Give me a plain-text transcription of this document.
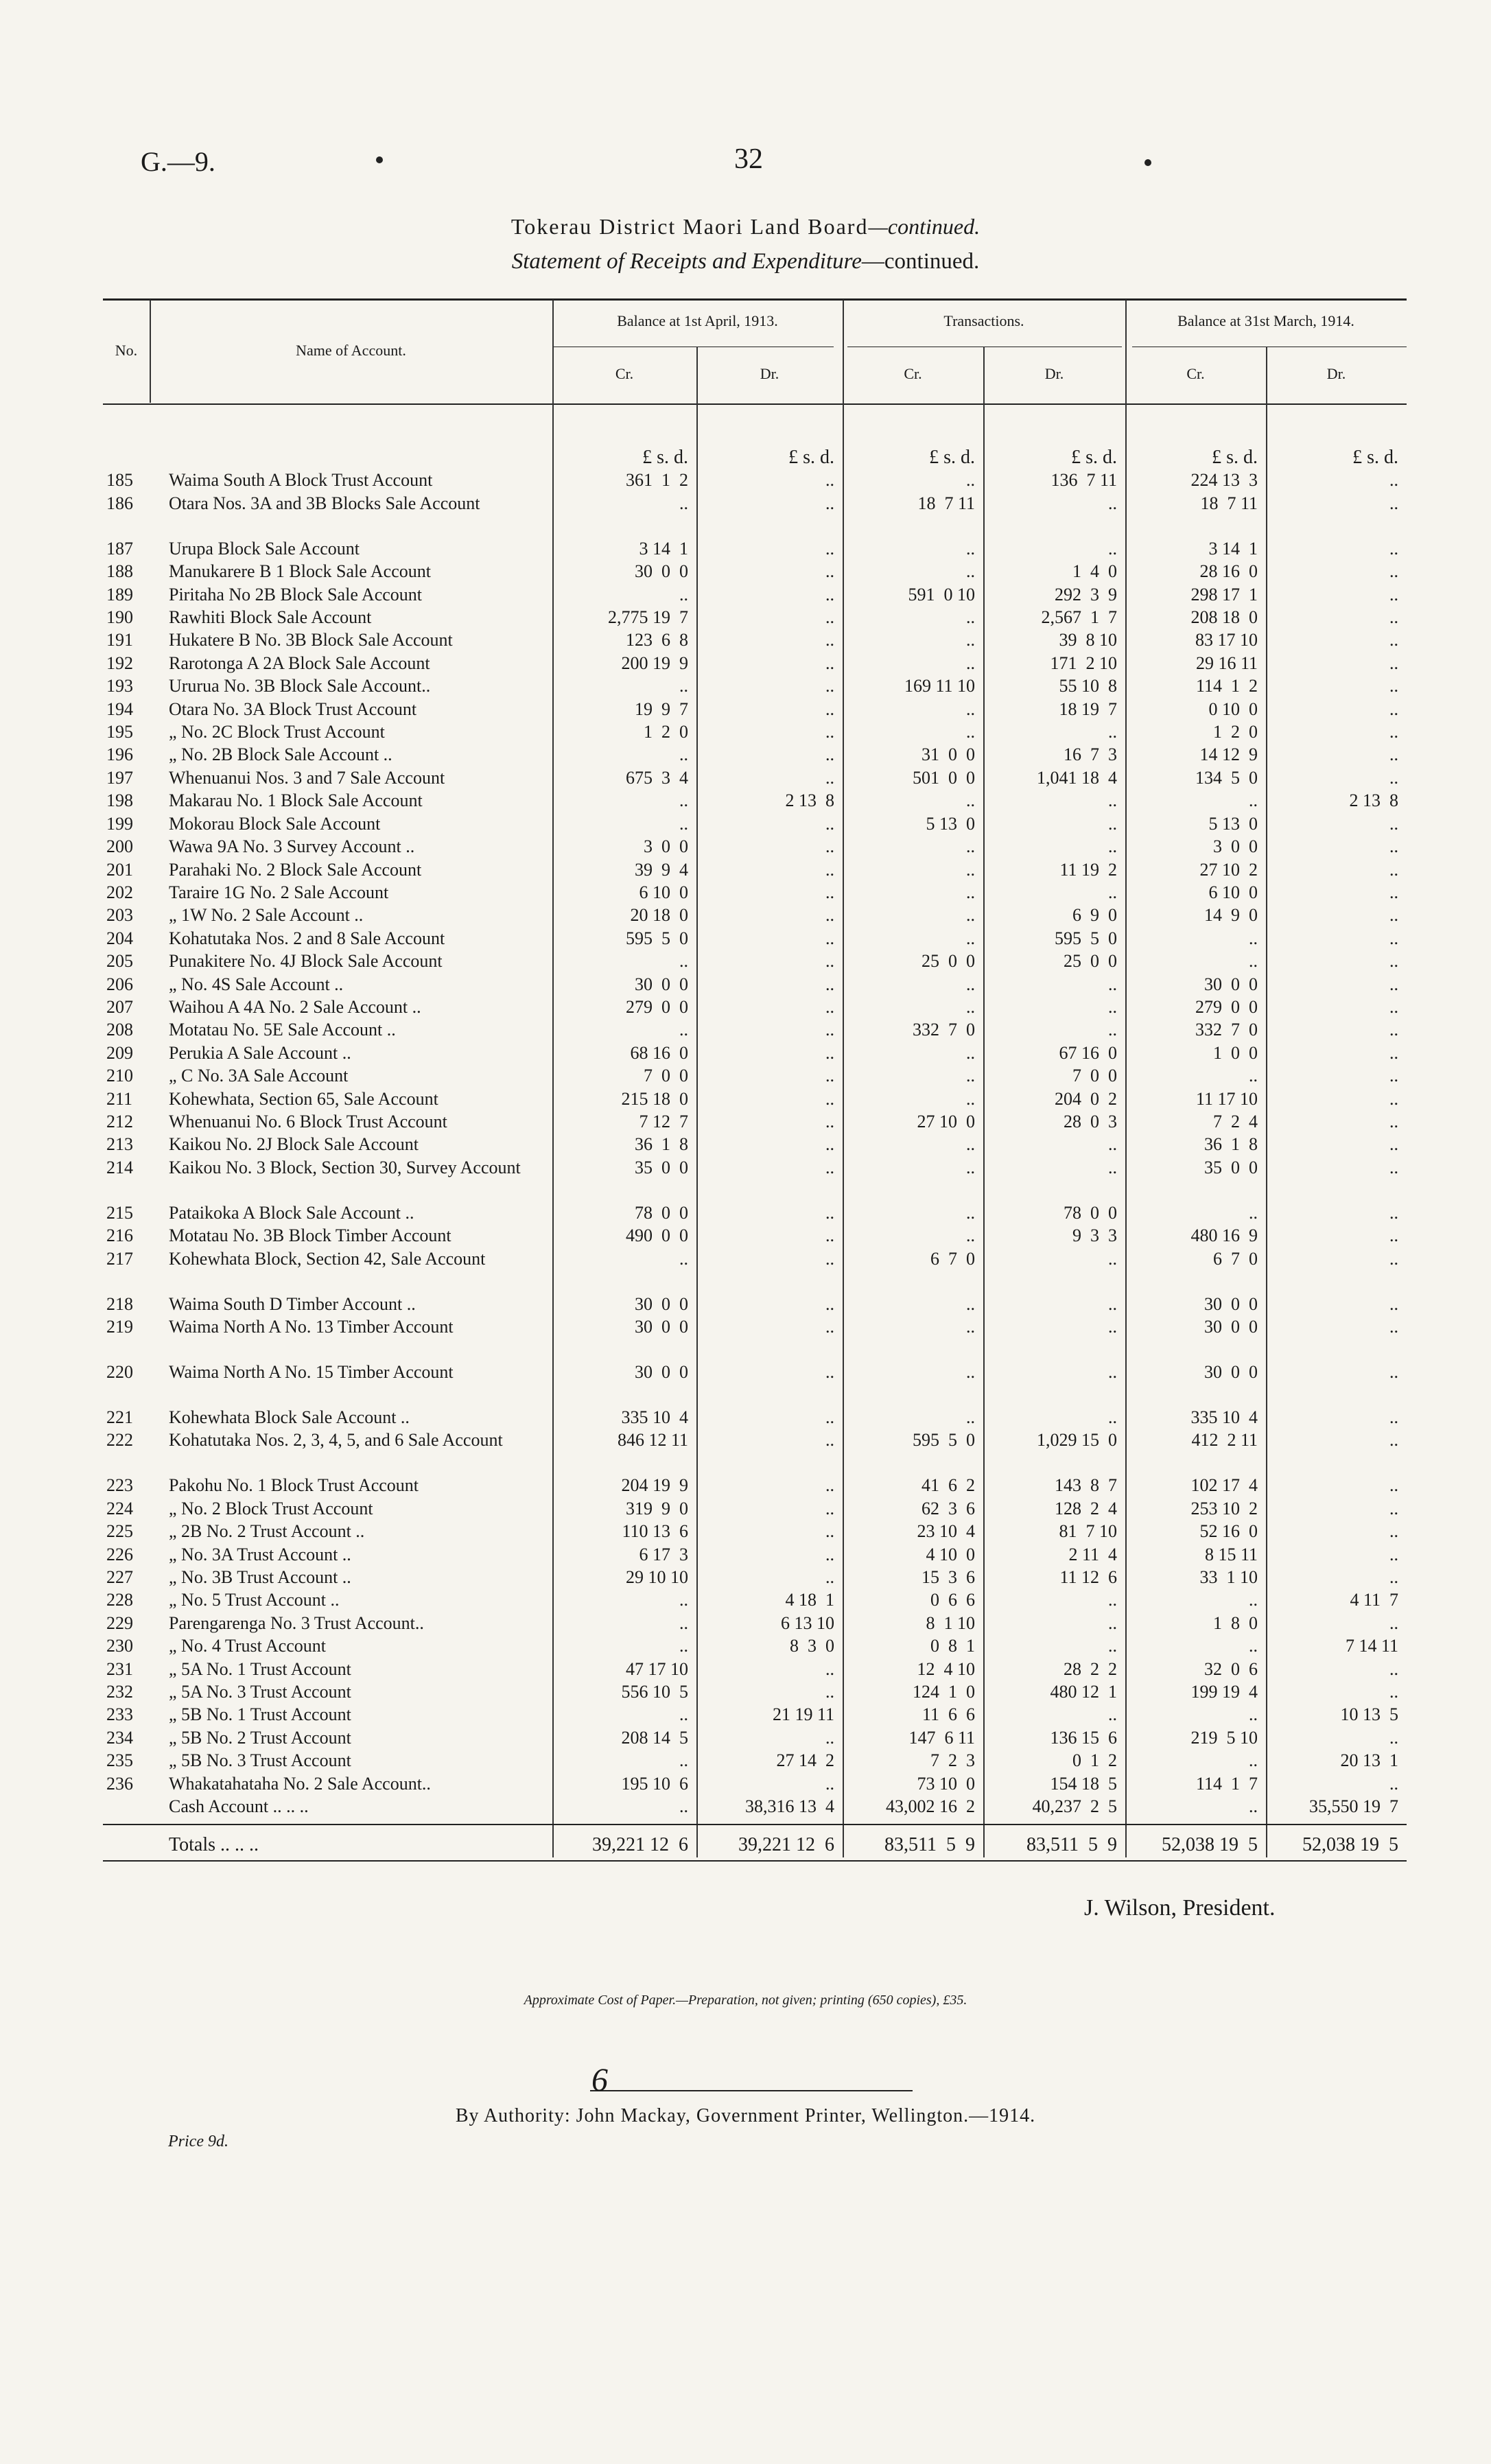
G.—9.	32
Tokerau District Maori Land Board—continued.
Statement of Receipts and Expenditure—continued.
No.	Name of Account.
Balance at 1st April, 1913.	Transactions.	Balance at 31st March, 1914.
Cr.	Dr.	Cr.	Dr.	Cr.	Dr.
		£ s. d.	£ s. d.	£ s. d.	£ s. d.	£ s. d.	£ s. d.
185	Waima South A Block Trust Account	361  1  2	..	..	136  7 11	224 13  3	..
186	Otara Nos. 3A and 3B Blocks Sale Account	..	..	18  7 11	..	18  7 11	..
187	Urupa Block Sale Account	3 14  1	..	..	..	3 14  1	..
188	Manukarere B 1 Block Sale Account	30  0  0	..	..	1  4  0	28 16  0	..
189	Piritaha No 2B Block Sale Account	..	..	591  0 10	292  3  9	298 17  1	..
190	Rawhiti Block Sale Account	2,775 19  7	..	..	2,567  1  7	208 18  0	..
191	Hukatere B No. 3B Block Sale Account	123  6  8	..	..	39  8 10	83 17 10	..
192	Rarotonga A 2A Block Sale Account	200 19  9	..	..	171  2 10	29 16 11	..
193	Ururua No. 3B Block Sale Account..	..	..	169 11 10	55 10  8	114  1  2	..
194	Otara No. 3A Block Trust Account	19  9  7	..	..	18 19  7	0 10  0	..
195	„ No. 2C Block Trust Account	1  2  0	..	..	..	1  2  0	..
196	„ No. 2B Block Sale Account ..	..	..	31  0  0	16  7  3	14 12  9	..
197	Whenuanui Nos. 3 and 7 Sale Account	675  3  4	..	501  0  0	1,041 18  4	134  5  0	..
198	Makarau No. 1 Block Sale Account	..	2 13  8	..	..	..	2 13  8
199	Mokorau Block Sale Account	..	..	5 13  0	..	5 13  0	..
200	Wawa 9A No. 3 Survey Account ..	3  0  0	..	..	..	3  0  0	..
201	Parahaki No. 2 Block Sale Account	39  9  4	..	..	11 19  2	27 10  2	..
202	Taraire 1G No. 2 Sale Account	6 10  0	..	..	..	6 10  0	..
203	„ 1W No. 2 Sale Account ..	20 18  0	..	..	6  9  0	14  9  0	..
204	Kohatutaka Nos. 2 and 8 Sale Account	595  5  0	..	..	595  5  0	..	..
205	Punakitere No. 4J Block Sale Account	..	..	25  0  0	25  0  0	..	..
206	„ No. 4S Sale Account ..	30  0  0	..	..	..	30  0  0	..
207	Waihou A 4A No. 2 Sale Account ..	279  0  0	..	..	..	279  0  0	..
208	Motatau No. 5E Sale Account ..	..	..	332  7  0	..	332  7  0	..
209	Perukia A Sale Account ..	68 16  0	..	..	67 16  0	1  0  0	..
210	„ C No. 3A Sale Account	7  0  0	..	..	7  0  0	..	..
211	Kohewhata, Section 65, Sale Account	215 18  0	..	..	204  0  2	11 17 10	..
212	Whenuanui No. 6 Block Trust Account	7 12  7	..	27 10  0	28  0  3	7  2  4	..
213	Kaikou No. 2J Block Sale Account	36  1  8	..	..	..	36  1  8	..
214	Kaikou No. 3 Block, Section 30, Survey Account	35  0  0	..	..	..	35  0  0	..
215	Pataikoka A Block Sale Account ..	78  0  0	..	..	78  0  0	..	..
216	Motatau No. 3B Block Timber Account	490  0  0	..	..	9  3  3	480 16  9	..
217	Kohewhata Block, Section 42, Sale Account	..	..	6  7  0	..	6  7  0	..
218	Waima South D Timber Account ..	30  0  0	..	..	..	30  0  0	..
219	Waima North A No. 13 Timber Account	30  0  0	..	..	..	30  0  0	..
220	Waima North A No. 15 Timber Account	30  0  0	..	..	..	30  0  0	..
221	Kohewhata Block Sale Account ..	335 10  4	..	..	..	335 10  4	..
222	Kohatutaka Nos. 2, 3, 4, 5, and 6 Sale Account	846 12 11	..	595  5  0	1,029 15  0	412  2 11	..
223	Pakohu No. 1 Block Trust Account	204 19  9	..	41  6  2	143  8  7	102 17  4	..
224	„ No. 2 Block Trust Account	319  9  0	..	62  3  6	128  2  4	253 10  2	..
225	„ 2B No. 2 Trust Account ..	110 13  6	..	23 10  4	81  7 10	52 16  0	..
226	„ No. 3A Trust Account ..	6 17  3	..	4 10  0	2 11  4	8 15 11	..
227	„ No. 3B Trust Account ..	29 10 10	..	15  3  6	11 12  6	33  1 10	..
228	„ No. 5 Trust Account ..	..	4 18  1	0  6  6	..	..	4 11  7
229	Parengarenga No. 3 Trust Account..	..	6 13 10	8  1 10	..	1  8  0	..
230	„ No. 4 Trust Account	..	8  3  0	0  8  1	..	..	7 14 11
231	„ 5A No. 1 Trust Account	47 17 10	..	12  4 10	28  2  2	32  0  6	..
232	„ 5A No. 3 Trust Account	556 10  5	..	124  1  0	480 12  1	199 19  4	..
233	„ 5B No. 1 Trust Account	..	21 19 11	11  6  6	..	..	10 13  5
234	„ 5B No. 2 Trust Account	208 14  5	..	147  6 11	136 15  6	219  5 10	..
235	„ 5B No. 3 Trust Account	..	27 14  2	7  2  3	0  1  2	..	20 13  1
236	Whakatahataha No. 2 Sale Account..	195 10  6	..	73 10  0	154 18  5	114  1  7	..
	Cash Account .. .. ..	..	38,316 13  4	43,002 16  2	40,237  2  5	..	35,550 19  7

	Totals .. .. ..	39,221 12  6	39,221 12  6	83,511  5  9	83,511  5  9	52,038 19  5	52,038 19  5

J. Wilson, President.
Approximate Cost of Paper.—Preparation, not given; printing (650 copies), £35.
6
By Authority: John Mackay, Government Printer, Wellington.—1914.
Price 9d.
